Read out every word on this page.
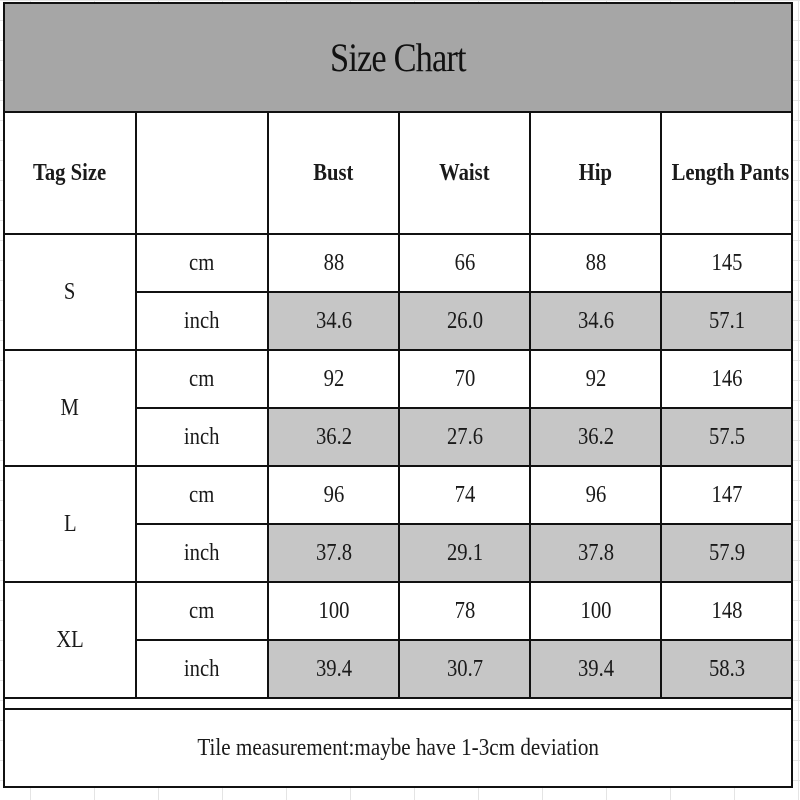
Size Chart
Tag Size		Bust	Waist	Hip	Length Pants
S	cm	88	66	88	145
	inch	34.6	26.0	34.6	57.1
M	cm	92	70	92	146
	inch	36.2	27.6	36.2	57.5
L	cm	96	74	96	147
	inch	37.8	29.1	37.8	57.9
XL	cm	100	78	100	148
	inch	39.4	30.7	39.4	58.3
Tile measurement:maybe have 1-3cm deviation
